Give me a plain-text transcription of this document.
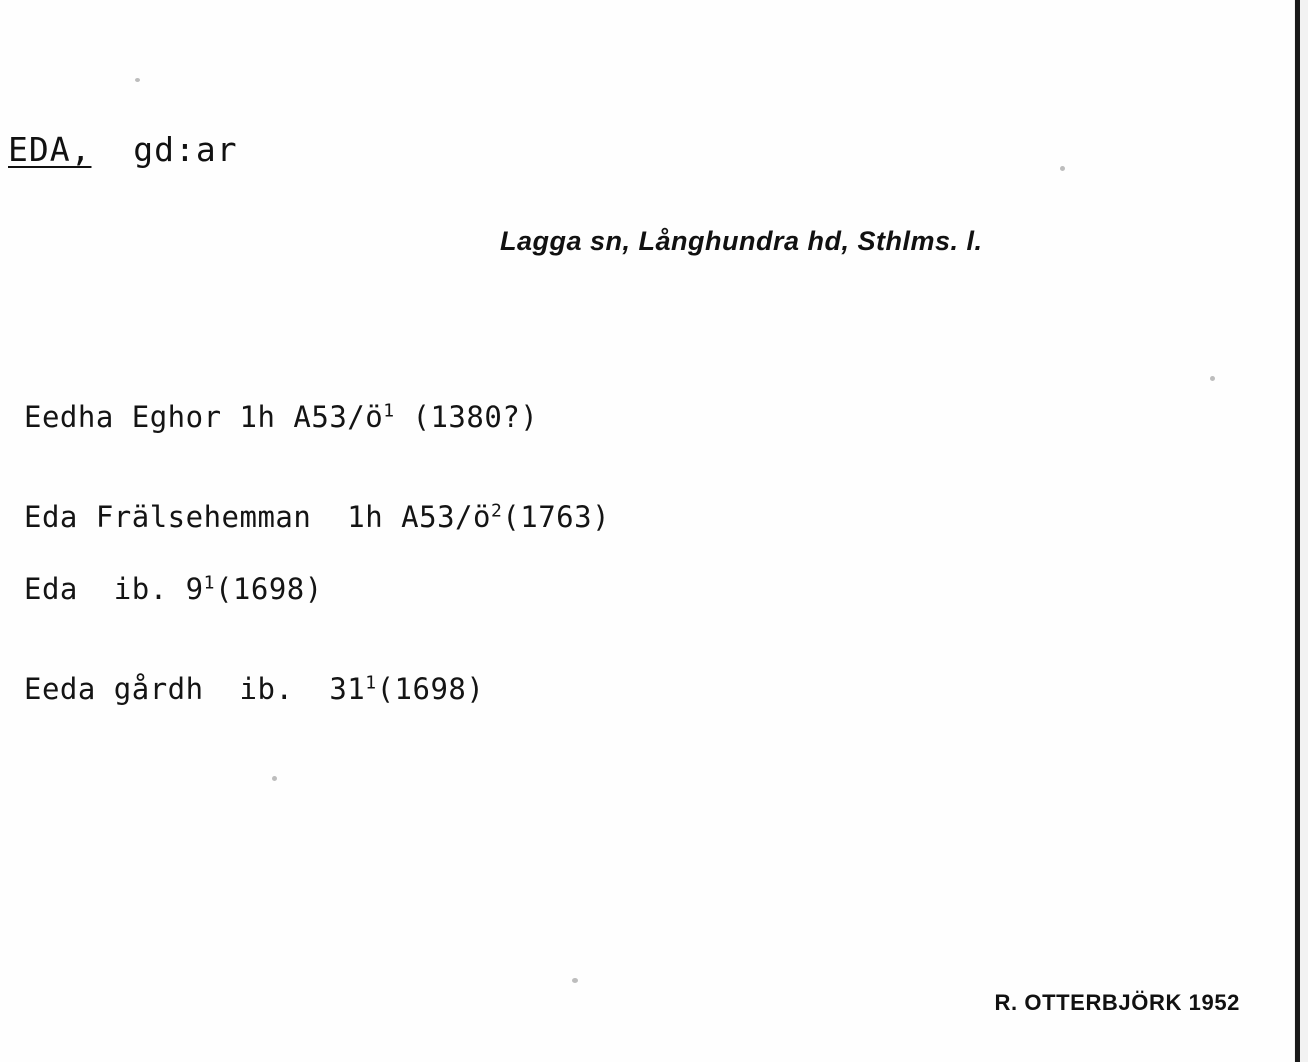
EDA, gd:ar
Lagga sn, Långhundra hd, Sthlms. l.
Eedha Eghor 1h $A53/ö^1$ (1380?)
Eda Frälsehemman 1h $A53/ö^2(1763)$
Eda  ib. $9^1(1698)$
Eeda gårdh ib.  $31^1(1698)$
R. OTTERBJÖRK 1952
